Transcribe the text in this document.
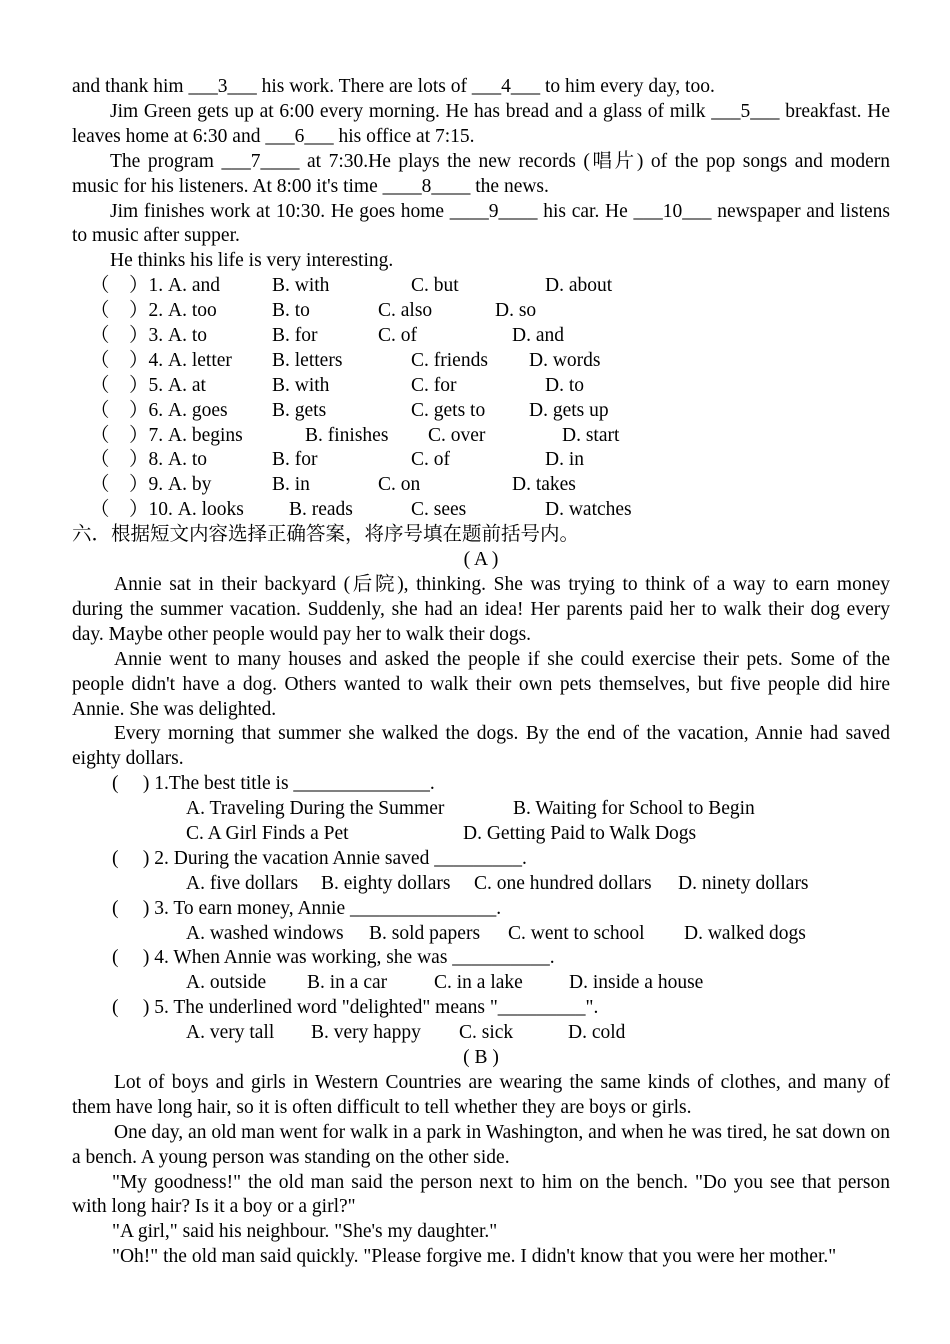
and thank him ___3___ his work. There are lots of ___4___ to him every day, too.

Jim Green gets up at 6:00 every morning. He has bread and a glass of milk ___5___ breakfast. He leaves home at 6:30 and ___6___ his office at 7:15.

The program ___7____ at 7:30.He plays the new records (唱片) of the pop songs and modern music for his listeners. At 8:00 it's time ____8____ the news.

Jim finishes work at 10:30. He goes home ____9____ his car. He ___10___ newspaper and listens to music after supper.

He thinks his life is very interesting.

（　）1. A. and	B. with	C. but	D. about
（　）2. A. too	B. to	C. also	D. so
（　）3. A. to	B. for	C. of	D. and
（　）4. A. letter B. letters	C. friends D. words
（　）5. A. at	B. with	C. for	D. to
（　）6. A. goes B. gets	C. gets to D. gets up
（　）7. A. begins	B. finishes C. over	D. start
（　）8. A. to	B. for	C. of	D. in
（　）9. A. by	B. in	C. on	D. takes
（　）10. A. looks B. reads	C. sees	D. watches

六．根据短文内容选择正确答案，将序号填在题前括号内。

( A )

Annie sat in their backyard (后院), thinking. She was trying to think of a way to earn money during the summer vacation. Suddenly, she had an idea! Her parents paid her to walk their dog every day. Maybe other people would pay her to walk their dogs.

Annie went to many houses and asked the people if she could exercise their pets. Some of the people didn't have a dog. Others wanted to walk their own pets themselves, but five people did hire Annie. She was delighted.

Every morning that summer she walked the dogs. By the end of the vacation, Annie had saved eighty dollars.

(　 ) 1.The best title is ______________.
A. Traveling During the Summer	B. Waiting for School to Begin
C. A Girl Finds a Pet	D. Getting Paid to Walk Dogs
(　 ) 2. During the vacation Annie saved _________.
A. five dollars B. eighty dollars C. one hundred dollars D. ninety dollars
(　 ) 3. To earn money, Annie _______________.
A. washed windows B. sold papers C. went to school D. walked dogs
(　 ) 4. When Annie was working, she was __________.
A. outside B. in a car C. in a lake D. inside a house
(　 ) 5. The underlined word "delighted" means "_________".
A. very tall B. very happy C. sick	D. cold

( B )

Lot of boys and girls in Western Countries are wearing the same kinds of clothes, and many of them have long hair, so it is often difficult to tell whether they are boys or girls.

One day, an old man went for walk in a park in Washington, and when he was tired, he sat down on a bench. A young person was standing on the other side.

"My goodness!" the old man said the person next to him on the bench. "Do you see that person with long hair? Is it a boy or a girl?"

"A girl," said his neighbour. "She's my daughter."

"Oh!" the old man said quickly. "Please forgive me. I didn't know that you were her mother."
